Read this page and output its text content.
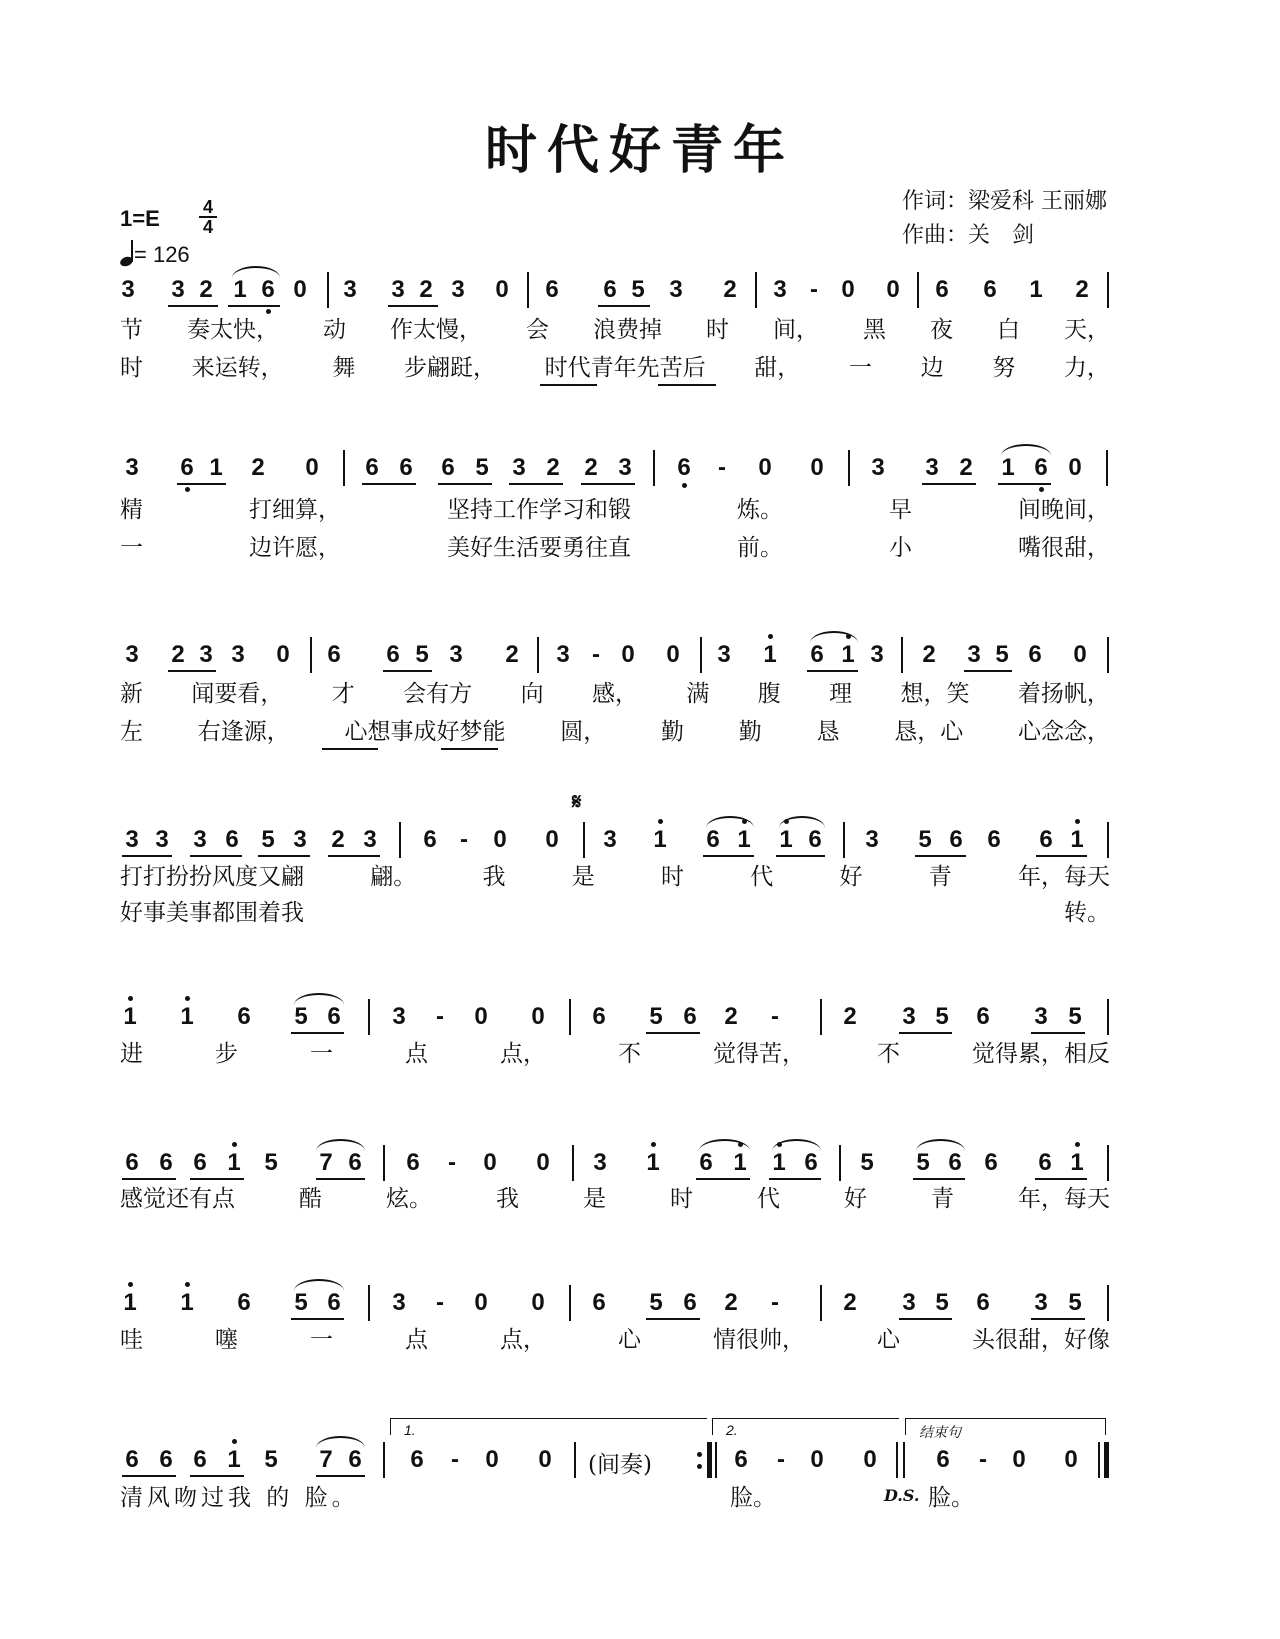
时代好青年
作词：梁爱科 王丽娜
作曲：关　剑
1=E 4
4
= 126
3 3 2 1 6 0 3 3 2 3 0 6 6 5 3 2 3 - 0 0 6 6 1 2
节 奏太快， 动 作太慢， 会 浪费掉 时 间， 黑 夜 白 天，
时 来运转， 舞 步翩跹， 时代青年先苦后 甜， 一 边 努 力，
3 6 1 2 0 6 6 6 5 3 2 2 3 6	-	0 0 3 3 2 1 6 0
精	打细算，	坚持工作学习和锻	炼。	早	间晚间，
一	边许愿，	美好生活要勇往直	前。	小	嘴很甜，
3 2 3 3 0 6 6 5 3 2 3 - 0 0 3 1 6 1 3 2 3 5 6 0
新 闻要看， 才 会有方 向 感， 满 腹 理 想，笑 着扬帆，
左 右逢源， 心想事成好梦能 圆， 勤 勤 恳 恳，心 心念念，
3 3 3 6 5 3 2 3 6 -	0 0 3 1 6 1 1 6 3 5 6 6 6 1
𝄋
打打扮扮风度又翩	翩。	我	是	时	代	好	青	年，每天
好事美事都围着我	转。
1 1 6 5 6 3	-	0 0 6 5 6 2	-	2 3 5 6 3 5
进	步	一	点	点，	不	觉得苦，	不	觉得累，相反
6 6 6 1 5 7 6 6	-	0 0 3 1 6 1 1 6 5 5 6 6 6 1
感觉还有点	酷	炫。	我	是	时	代	好	青	年，每天
1 1 6 5 6 3	-	0 0 6 5 6 2	-	2 3 5 6 3 5
哇	噻	一	点	点，	心	情很帅，	心	头很甜，好像
6 6 6 1 5 7 6 6	-	0 0	6	-	0 0 6	-	0 0
清风吻过我 的 脸。	脸。	脸。
D.S.
(间奏)
1.	2.	结束句
